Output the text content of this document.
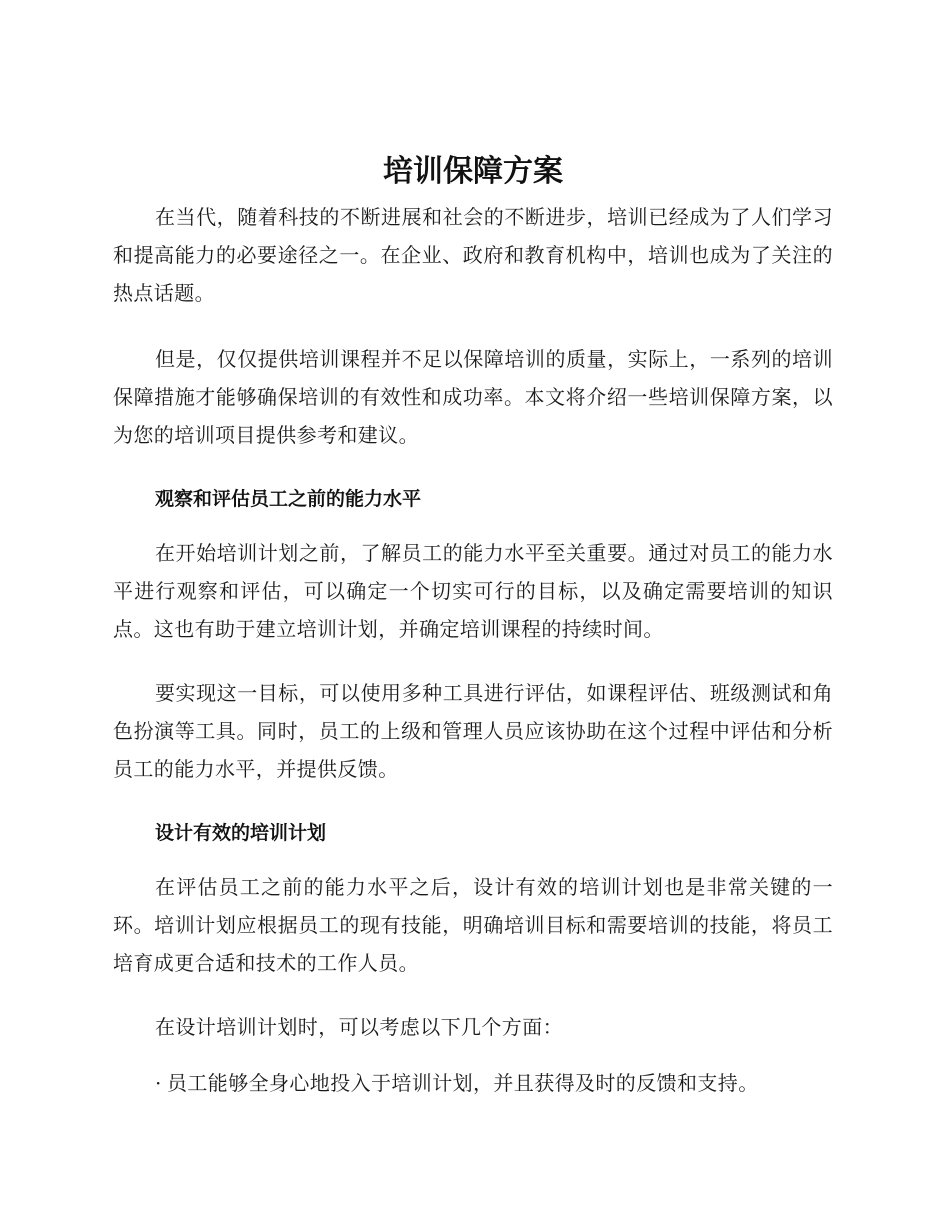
培训保障方案

在当代，随着科技的不断进展和社会的不断进步，培训已经成为了人们学习和提高能力的必要途径之一。在企业、政府和教育机构中，培训也成为了关注的热点话题。

但是，仅仅提供培训课程并不足以保障培训的质量，实际上，一系列的培训保障措施才能够确保培训的有效性和成功率。本文将介绍一些培训保障方案，以为您的培训项目提供参考和建议。

观察和评估员工之前的能力水平

在开始培训计划之前，了解员工的能力水平至关重要。通过对员工的能力水平进行观察和评估，可以确定一个切实可行的目标，以及确定需要培训的知识点。这也有助于建立培训计划，并确定培训课程的持续时间。

要实现这一目标，可以使用多种工具进行评估，如课程评估、班级测试和角色扮演等工具。同时，员工的上级和管理人员应该协助在这个过程中评估和分析员工的能力水平，并提供反馈。

设计有效的培训计划

在评估员工之前的能力水平之后，设计有效的培训计划也是非常关键的一环。培训计划应根据员工的现有技能，明确培训目标和需要培训的技能，将员工培育成更合适和技术的工作人员。

在设计培训计划时，可以考虑以下几个方面：

· 员工能够全身心地投入于培训计划，并且获得及时的反馈和支持。
